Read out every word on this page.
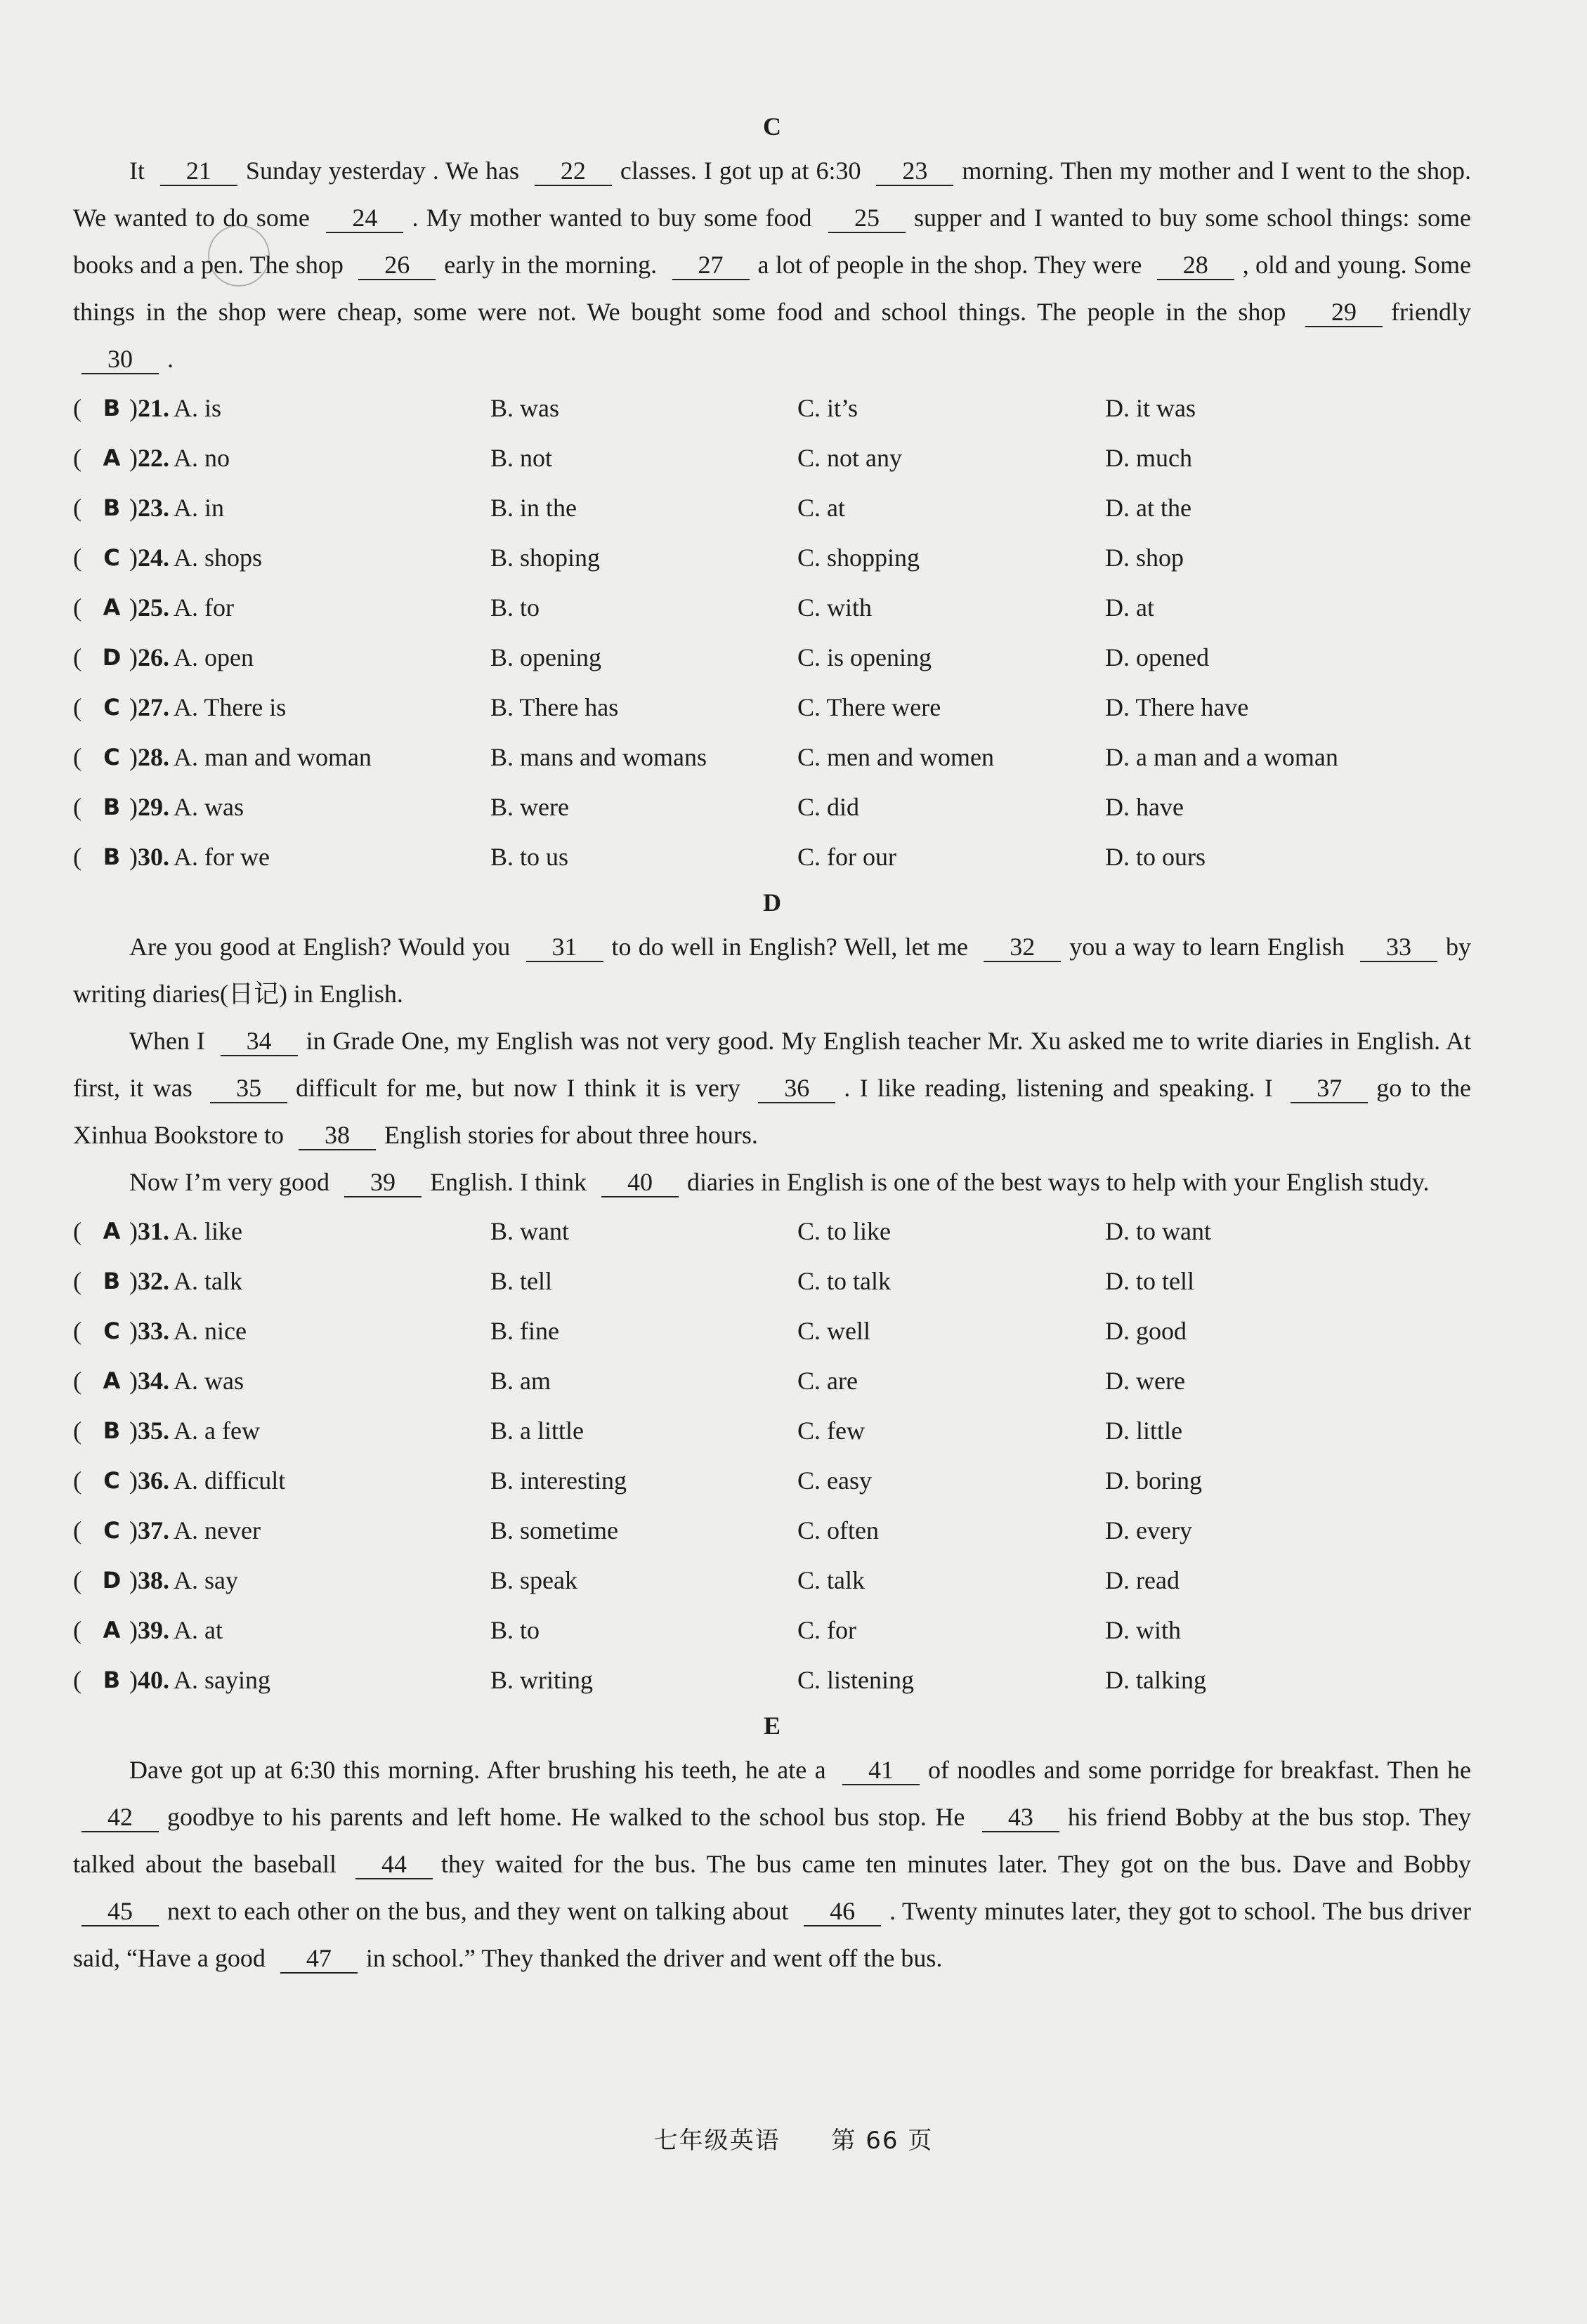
C

It 21 Sunday yesterday . We has 22 classes. I got up at 6:30 23 morning. Then my mother and I went to the shop. We wanted to do some 24 . My mother wanted to buy some food 25 supper and I wanted to buy some school things: some books and a pen. The shop 26 early in the morning. 27 a lot of people in the shop. They were 28 , old and young. Some things in the shop were cheap, some were not. We bought some food and school things. The people in the shop 29 friendly 30 .

( B ) 21. A. is	B. was	C. it’s	D. it was
( A ) 22. A. no	B. not	C. not any	D. much
( B ) 23. A. in	B. in the	C. at	D. at the
( C ) 24. A. shops	B. shoping	C. shopping	D. shop
( A ) 25. A. for	B. to	C. with	D. at
( D ) 26. A. open	B. opening	C. is opening	D. opened
( C ) 27. A. There is	B. There has	C. There were	D. There have
( C ) 28. A. man and woman	B. mans and womans	C. men and women	D. a man and a woman
( B ) 29. A. was	B. were	C. did	D. have
( B ) 30. A. for we	B. to us	C. for our	D. to ours
D

Are you good at English? Would you 31 to do well in English? Well, let me 32 you a way to learn English 33 by writing diaries(日记) in English.

When I 34 in Grade One, my English was not very good. My English teacher Mr. Xu asked me to write diaries in English. At first, it was 35 difficult for me, but now I think it is very 36 . I like reading, listening and speaking. I 37 go to the Xinhua Bookstore to 38 English stories for about three hours.

Now I’m very good 39 English. I think 40 diaries in English is one of the best ways to help with your English study.

( A ) 31. A. like	B. want	C. to like	D. to want
( B ) 32. A. talk	B. tell	C. to talk	D. to tell
( C ) 33. A. nice	B. fine	C. well	D. good
( A ) 34. A. was	B. am	C. are	D. were
( B ) 35. A. a few	B. a little	C. few	D. little
( C ) 36. A. difficult	B. interesting	C. easy	D. boring
( C ) 37. A. never	B. sometime	C. often	D. every
( D ) 38. A. say	B. speak	C. talk	D. read
( A ) 39. A. at	B. to	C. for	D. with
( B ) 40. A. saying	B. writing	C. listening	D. talking
E

Dave got up at 6:30 this morning. After brushing his teeth, he ate a 41 of noodles and some porridge for breakfast. Then he 42 goodbye to his parents and left home. He walked to the school bus stop. He 43 his friend Bobby at the bus stop. They talked about the baseball 44 they waited for the bus. The bus came ten minutes later. They got on the bus. Dave and Bobby 45 next to each other on the bus, and they went on talking about 46 . Twenty minutes later, they got to school. The bus driver said, “Have a good 47 in school.” They thanked the driver and went off the bus.

七年级英语 第 66 页
